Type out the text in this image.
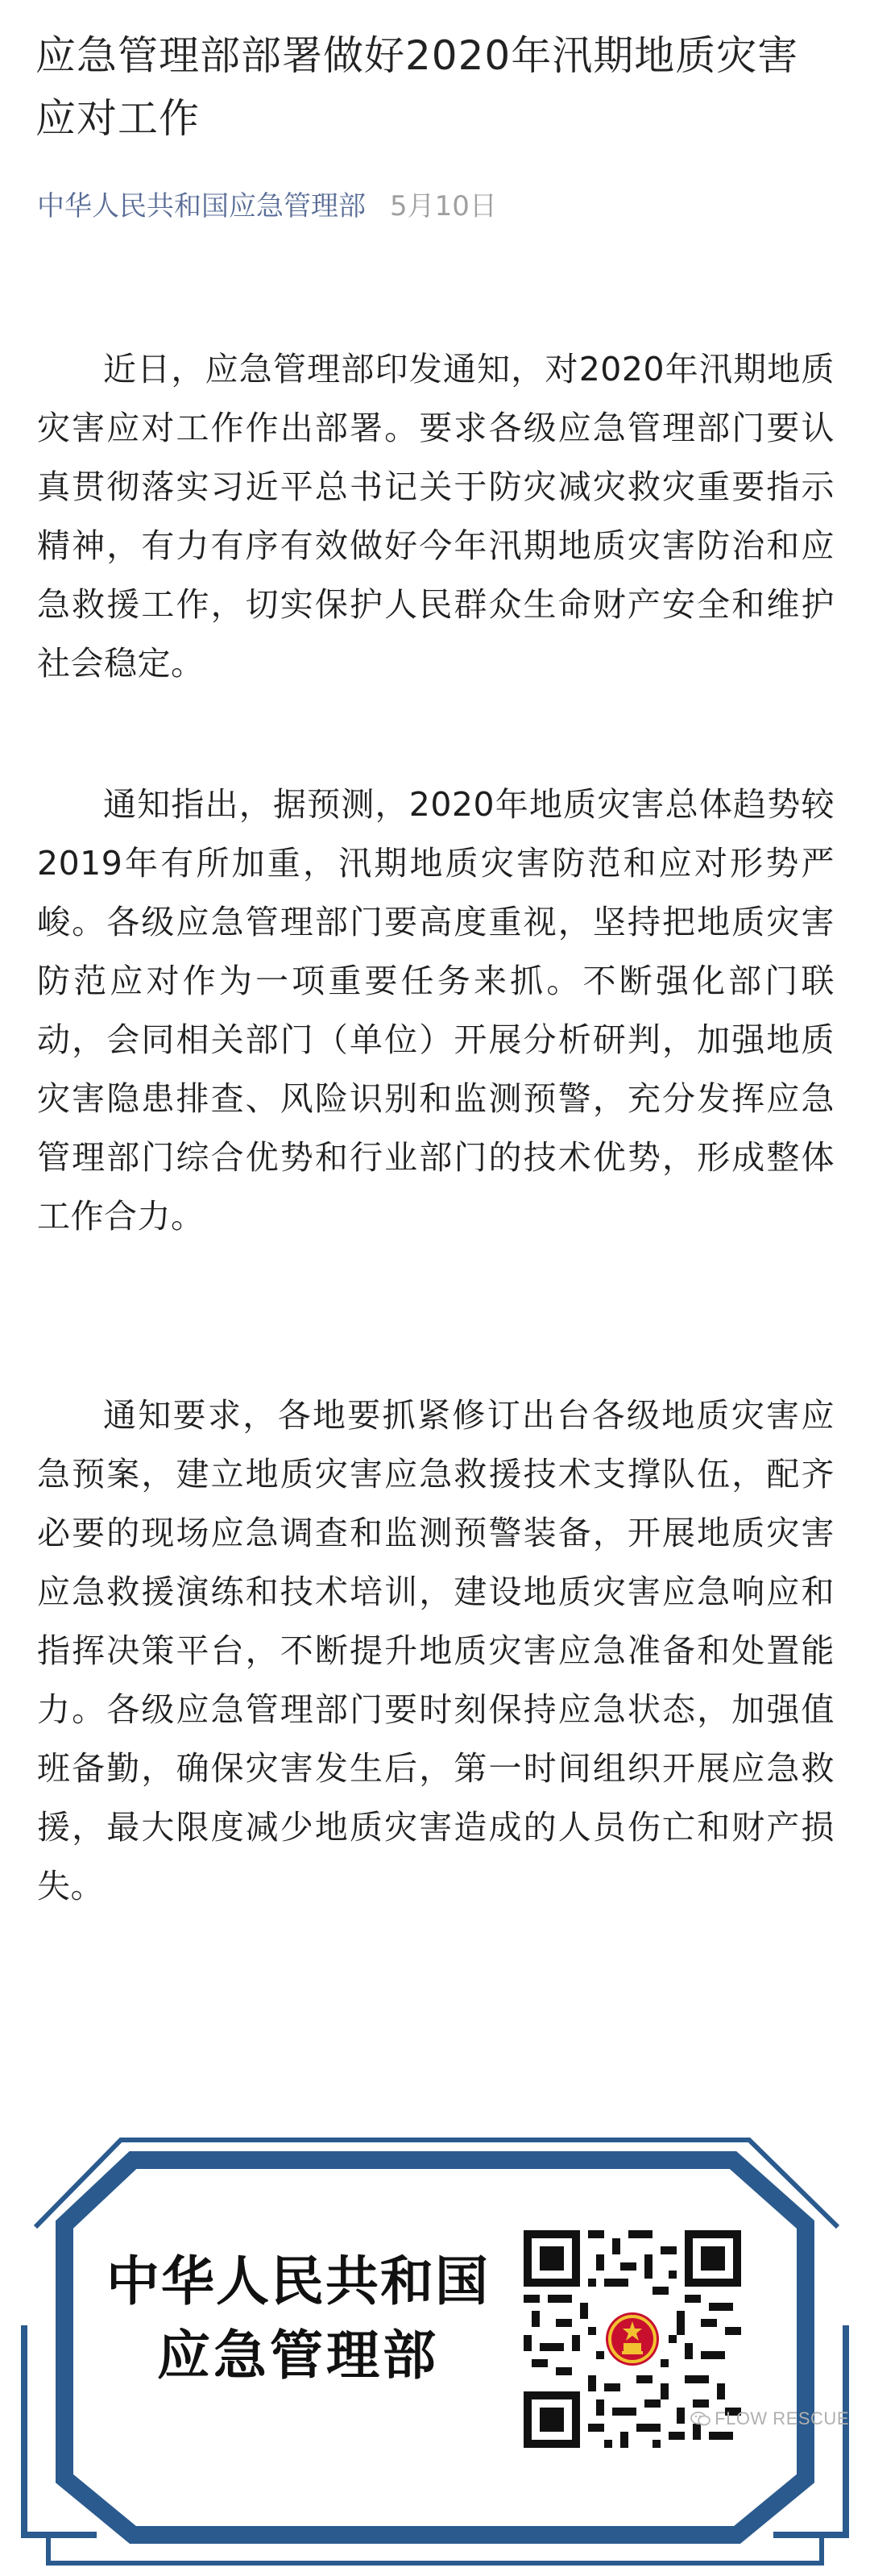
应急管理部部署做好2020年汛期地质灾害应对工作
中华人民共和国应急管理部 5月10日

近日，应急管理部印发通知，对2020年汛期地质灾害应对工作作出部署。要求各级应急管理部门要认真贯彻落实习近平总书记关于防灾减灾救灾重要指示精神，有力有序有效做好今年汛期地质灾害防治和应急救援工作，切实保护人民群众生命财产安全和维护社会稳定。

通知指出，据预测，2020年地质灾害总体趋势较2019年有所加重，汛期地质灾害防范和应对形势严峻。各级应急管理部门要高度重视，坚持把地质灾害防范应对作为一项重要任务来抓。不断强化部门联动，会同相关部门（单位）开展分析研判，加强地质灾害隐患排查、风险识别和监测预警，充分发挥应急管理部门综合优势和行业部门的技术优势，形成整体工作合力。

通知要求，各地要抓紧修订出台各级地质灾害应急预案，建立地质灾害应急救援技术支撑队伍，配齐必要的现场应急调查和监测预警装备，开展地质灾害应急救援演练和技术培训，建设地质灾害应急响应和指挥决策平台，不断提升地质灾害应急准备和处置能力。各级应急管理部门要时刻保持应急状态，加强值班备勤，确保灾害发生后，第一时间组织开展应急救援，最大限度减少地质灾害造成的人员伤亡和财产损失。

中华人民共和国
应急管理部
FLOW RESCUE
